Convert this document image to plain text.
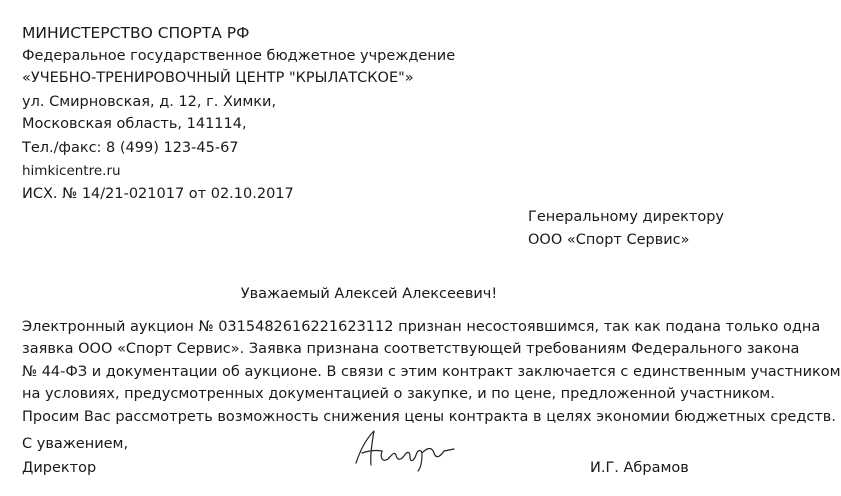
МИНИСТЕРСТВО СПОРТА РФ
Федеральное государственное бюджетное учреждение
«УЧЕБНО-ТРЕНИРОВОЧНЫЙ ЦЕНТР "КРЫЛАТСКОЕ"»
ул. Смирновская, д. 12, г. Химки,
Московская область, 141114,
Тел./факс: 8 (499) 123-45-67
himkicentre.ru
ИСХ. № 14/21-021017 от 02.10.2017
Генеральному директору
ООО «Спорт Сервис»
Уважаемый Алексей Алексеевич!
Электронный аукцион № 0315482616221623112 признан несостоявшимся, так как подана только одна
заявка ООО «Спорт Сервис». Заявка признана соответствующей требованиям Федерального закона
№ 44-ФЗ и документации об аукционе. В связи с этим контракт заключается с единственным участником
на условиях, предусмотренных документацией о закупке, и по цене, предложенной участником.
Просим Вас рассмотреть возможность снижения цены контракта в целях экономии бюджетных средств.
С уважением,
Директор	И.Г. Абрамов
